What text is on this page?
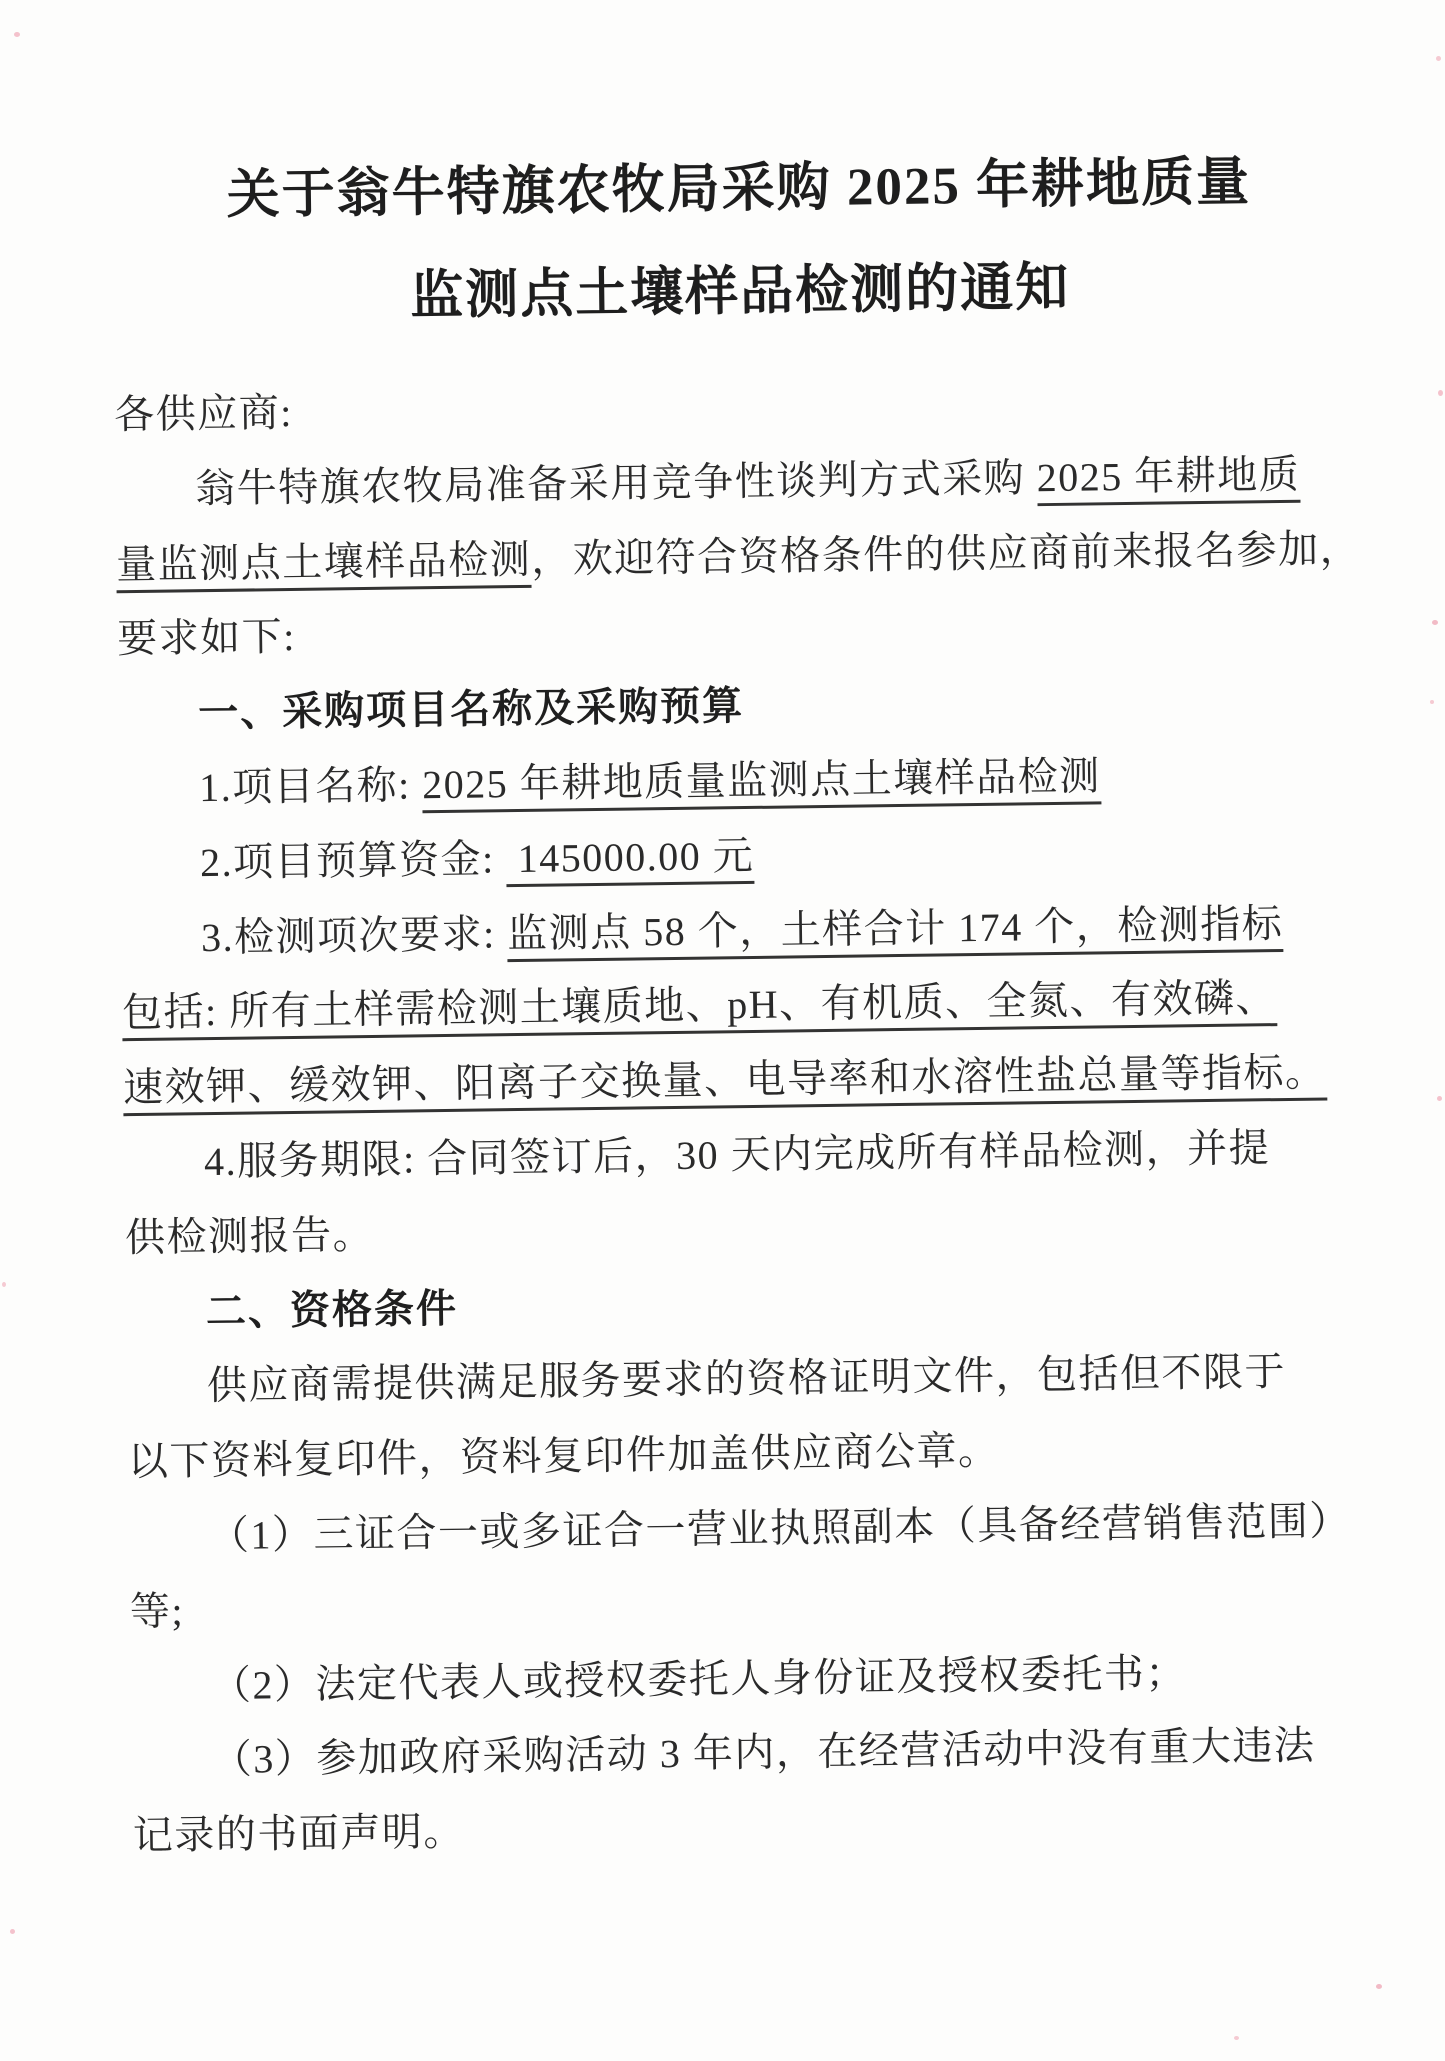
关于翁牛特旗农牧局采购 2025 年耕地质量
监测点土壤样品检测的通知
各供应商:
翁牛特旗农牧局准备采用竞争性谈判方式采购 2025 年耕地质
量监测点土壤样品检测，欢迎符合资格条件的供应商前来报名参加，
要求如下:
一、采购项目名称及采购预算
1.项目名称: 2025 年耕地质量监测点土壤样品检测
2.项目预算资金:  145000.00 元
3.检测项次要求: 监测点 58 个，土样合计 174 个，检测指标
包括: 所有土样需检测土壤质地、pH、有机质、全氮、有效磷、
速效钾、缓效钾、阳离子交换量、电导率和水溶性盐总量等指标。
4.服务期限: 合同签订后，30 天内完成所有样品检测，并提
供检测报告。
二、资格条件
供应商需提供满足服务要求的资格证明文件，包括但不限于
以下资料复印件，资料复印件加盖供应商公章。
（1）三证合一或多证合一营业执照副本（具备经营销售范围）
等;
（2）法定代表人或授权委托人身份证及授权委托书；
（3）参加政府采购活动 3 年内，在经营活动中没有重大违法
记录的书面声明。
